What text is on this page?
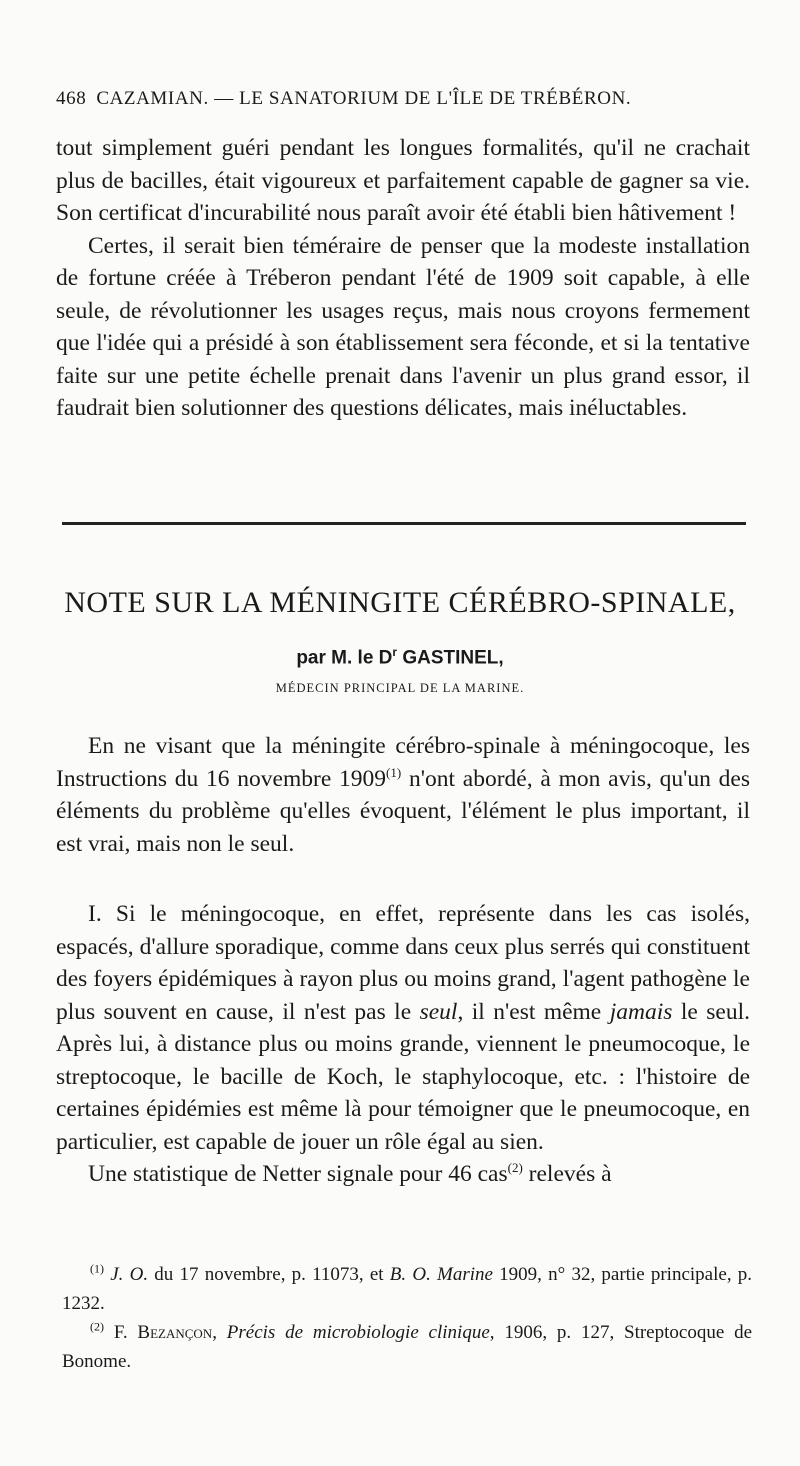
468 CAZAMIAN. — LE SANATORIUM DE L'ÎLE DE TRÉBÉRON.

tout simplement guéri pendant les longues formalités, qu'il ne crachait plus de bacilles, était vigoureux et parfaitement capable de gagner sa vie. Son certificat d'incurabilité nous paraît avoir été établi bien hâtivement !

Certes, il serait bien téméraire de penser que la modeste installation de fortune créée à Tréberon pendant l'été de 1909 soit capable, à elle seule, de révolutionner les usages reçus, mais nous croyons fermement que l'idée qui a présidé à son établissement sera féconde, et si la tentative faite sur une petite échelle prenait dans l'avenir un plus grand essor, il faudrait bien solutionner des questions délicates, mais inéluctables.

NOTE SUR LA MÉNINGITE CÉRÉBRO-SPINALE,
par M. le $D^r$ GASTINEL,
MÉDECIN PRINCIPAL DE LA MARINE.

En ne visant que la méningite cérébro-spinale à méningocoque, les Instructions du 16 novembre 1909$^{(1)}$ n'ont abordé, à mon avis, qu'un des éléments du problème qu'elles évoquent, l'élément le plus important, il est vrai, mais non le seul.

I. Si le méningocoque, en effet, représente dans les cas isolés, espacés, d'allure sporadique, comme dans ceux plus serrés qui constituent des foyers épidémiques à rayon plus ou moins grand, l'agent pathogène le plus souvent en cause, il n'est pas le seul, il n'est même jamais le seul. Après lui, à distance plus ou moins grande, viennent le pneumocoque, le streptocoque, le bacille de Koch, le staphylocoque, etc. : l'histoire de certaines épidémies est même là pour témoigner que le pneumocoque, en particulier, est capable de jouer un rôle égal au sien.

Une statistique de Netter signale pour 46 cas$^{(2)}$ relevés à

$^{(1)}$ J. O. du 17 novembre, p. 11073, et B. O. Marine 1909, n° 32, partie principale, p. 1232.

$^{(2)}$ F. Bezançon, Précis de microbiologie clinique, 1906, p. 127, Streptocoque de Bonome.
